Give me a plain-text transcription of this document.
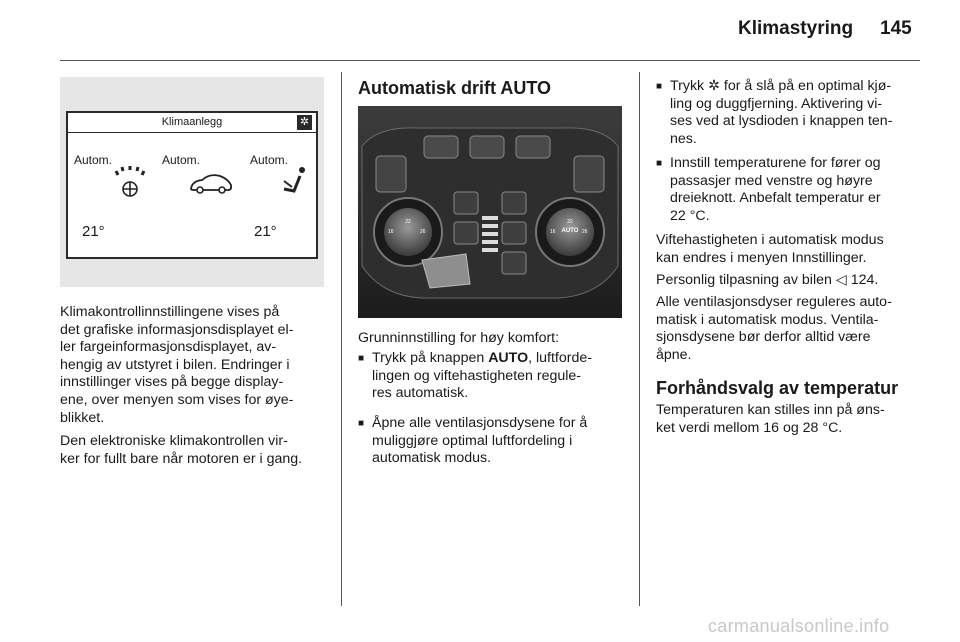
Klimastyring 145
Klimaanlegg	✲
Autom.	Autom.	Autom.
21°	21°
Klimakontrollinnstillingene vises på
det grafiske informasjonsdisplayet el-
ler fargeinformasjonsdisplayet, av-
hengig av utstyret i bilen. Endringer i
innstillinger vises på begge display-
ene, over menyen som vises for øye-
blikket.
Den elektroniske klimakontrollen vir-
ker for fullt bare når motoren er i gang.
Automatisk drift AUTO
22
16	26
22
16	26
AUTO
Grunninnstilling for høy komfort:
■ Trykk på knappen AUTO, luftforde-
lingen og viftehastigheten regule-
res automatisk.
■ Åpne alle ventilasjonsdysene for å
muliggjøre optimal luftfordeling i
automatisk modus.
■ Trykk ✲ for å slå på en optimal kjø-
ling og duggfjerning. Aktivering vi-
ses ved at lysdioden i knappen ten-
nes.
■ Innstill temperaturene for fører og
passasjer med venstre og høyre
dreieknott. Anbefalt temperatur er
22 °C.
Viftehastigheten i automatisk modus
kan endres i menyen Innstillinger.
Personlig tilpasning av bilen ◁ 124.
Alle ventilasjonsdyser reguleres auto-
matisk i automatisk modus. Ventila-
sjonsdysene bør derfor alltid være
åpne.
Forhåndsvalg av temperatur
Temperaturen kan stilles inn på øns-
ket verdi mellom 16 og 28 °C.
carmanualsonline.info
